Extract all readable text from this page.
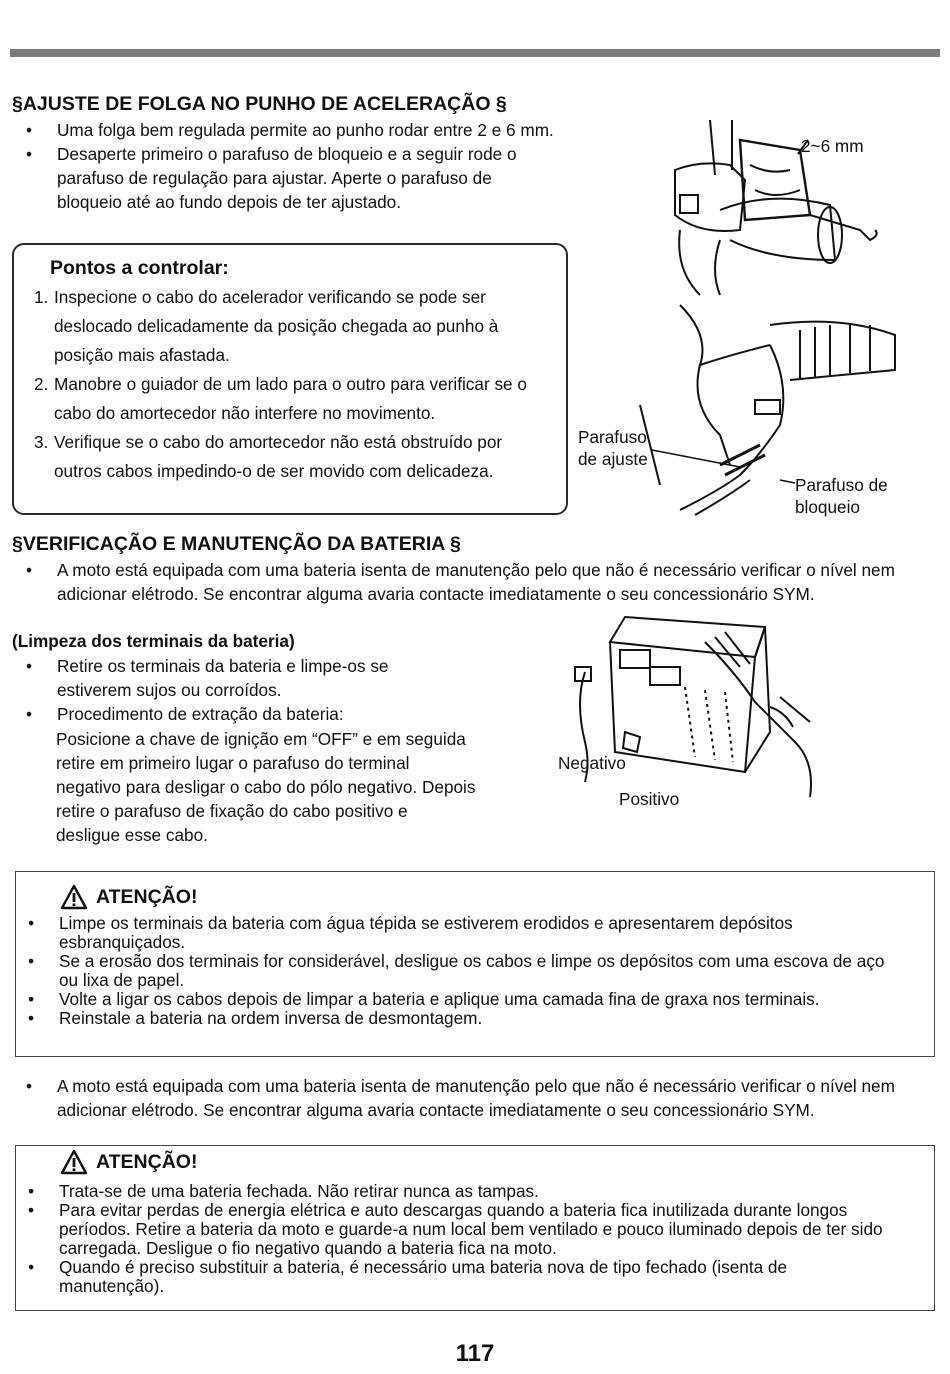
§AJUSTE DE FOLGA NO PUNHO DE ACELERAÇÃO §
• Uma folga bem regulada permite ao punho rodar entre 2 e 6 mm.
• Desaperte primeiro o parafuso de bloqueio e a seguir rode o parafuso de regulação para ajustar. Aperte o parafuso de bloqueio até ao fundo depois de ter ajustado.
Pontos a controlar:
1. Inspecione o cabo do acelerador verificando se pode ser deslocado delicadamente da posição chegada ao punho à posição mais afastada.
2. Manobre o guiador de um lado para o outro para verificar se o cabo do amortecedor não interfere no movimento.
3. Verifique se o cabo do amortecedor não está obstruído por outros cabos impedindo-o de ser movido com delicadeza.
2~6 mm
Parafuso de ajuste
Parafuso de bloqueio
§VERIFICAÇÃO E MANUTENÇÃO DA BATERIA §
• A moto está equipada com uma bateria isenta de manutenção pelo que não é necessário verificar o nível nem adicionar elétrodo. Se encontrar alguma avaria contacte imediatamente o seu concessionário SYM.
(Limpeza dos terminais da bateria)
• Retire os terminais da bateria e limpe-os se estiverem sujos ou corroídos.
• Procedimento de extração da bateria:
Posicione a chave de ignição em “OFF” e em seguida retire em primeiro lugar o parafuso do terminal negativo para desligar o cabo do pólo negativo. Depois retire o parafuso de fixação do cabo positivo e desligue esse cabo.
Negativo
Positivo
ATENÇÃO!
• Limpe os terminais da bateria com água tépida se estiverem erodidos e apresentarem depósitos esbranquiçados.
• Se a erosão dos terminais for considerável, desligue os cabos e limpe os depósitos com uma escova de aço ou lixa de papel.
• Volte a ligar os cabos depois de limpar a bateria e aplique uma camada fina de graxa nos terminais.
• Reinstale a bateria na ordem inversa de desmontagem.
• A moto está equipada com uma bateria isenta de manutenção pelo que não é necessário verificar o nível nem adicionar elétrodo. Se encontrar alguma avaria contacte imediatamente o seu concessionário SYM.
ATENÇÃO!
• Trata-se de uma bateria fechada. Não retirar nunca as tampas.
• Para evitar perdas de energia elétrica e auto descargas quando a bateria fica inutilizada durante longos períodos. Retire a bateria da moto e guarde-a num local bem ventilado e pouco iluminado depois de ter sido carregada. Desligue o fio negativo quando a bateria fica na moto.
• Quando é preciso substituir a bateria, é necessário uma bateria nova de tipo fechado (isenta de manutenção).
117
